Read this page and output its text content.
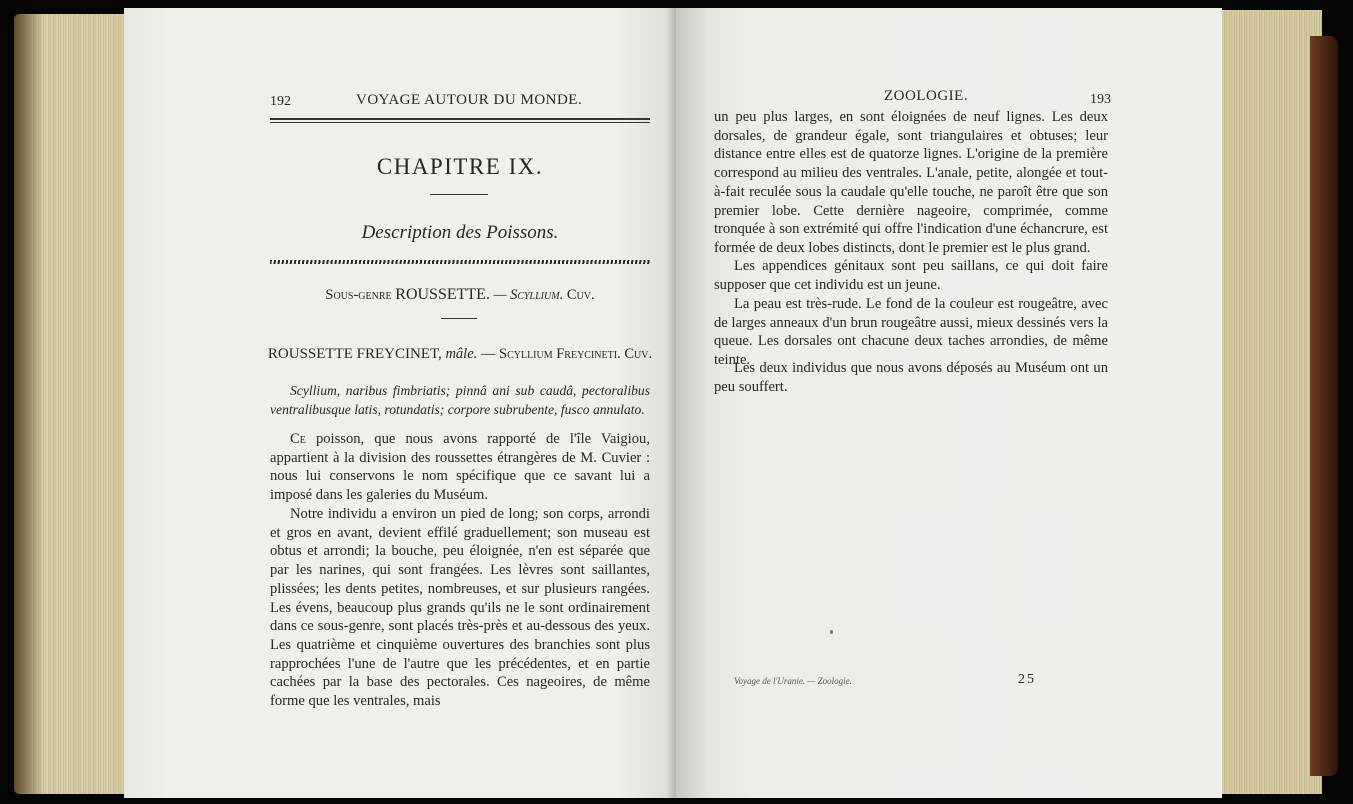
192	VOYAGE AUTOUR DU MONDE.
CHAPITRE IX.
Description des Poissons.
Sous-genre ROUSSETTE. — Scyllium. Cuv.
ROUSSETTE FREYCINET, mâle. — Scyllium Freycineti. Cuv.
Scyllium, naribus fimbriatis; pinnâ ani sub caudâ, pectoralibus ventralibusque latis, rotundatis; corpore subrubente, fusco annulato.
Ce poisson, que nous avons rapporté de l'île Vaigiou, appartient à la division des roussettes étrangères de M. Cuvier : nous lui conservons le nom spécifique que ce savant lui a imposé dans les galeries du Muséum.
Notre individu a environ un pied de long; son corps, arrondi et gros en avant, devient effilé graduellement; son museau est obtus et arrondi; la bouche, peu éloignée, n'en est séparée que par les narines, qui sont frangées. Les lèvres sont saillantes, plissées; les dents petites, nombreuses, et sur plusieurs rangées. Les évens, beaucoup plus grands qu'ils ne le sont ordinairement dans ce sous-genre, sont placés très-près et au-dessous des yeux. Les quatrième et cinquième ouvertures des branchies sont plus rapprochées l'une de l'autre que les précédentes, et en partie cachées par la base des pectorales. Ces nageoires, de même forme que les ventrales, mais
ZOOLOGIE.	193
un peu plus larges, en sont éloignées de neuf lignes. Les deux dorsales, de grandeur égale, sont triangulaires et obtuses; leur distance entre elles est de quatorze lignes. L'origine de la première correspond au milieu des ventrales. L'anale, petite, alongée et tout-à-fait reculée sous la caudale qu'elle touche, ne paroît être que son premier lobe. Cette dernière nageoire, comprimée, comme tronquée à son extrémité qui offre l'indication d'une échancrure, est formée de deux lobes distincts, dont le premier est le plus grand.
Les appendices génitaux sont peu saillans, ce qui doit faire supposer que cet individu est un jeune.
La peau est très-rude. Le fond de la couleur est rougeâtre, avec de larges anneaux d'un brun rougeâtre aussi, mieux dessinés vers la queue. Les dorsales ont chacune deux taches arrondies, de même teinte.
Les deux individus que nous avons déposés au Muséum ont un peu souffert.
Voyage de l'Uranie. — Zoologie.	25
